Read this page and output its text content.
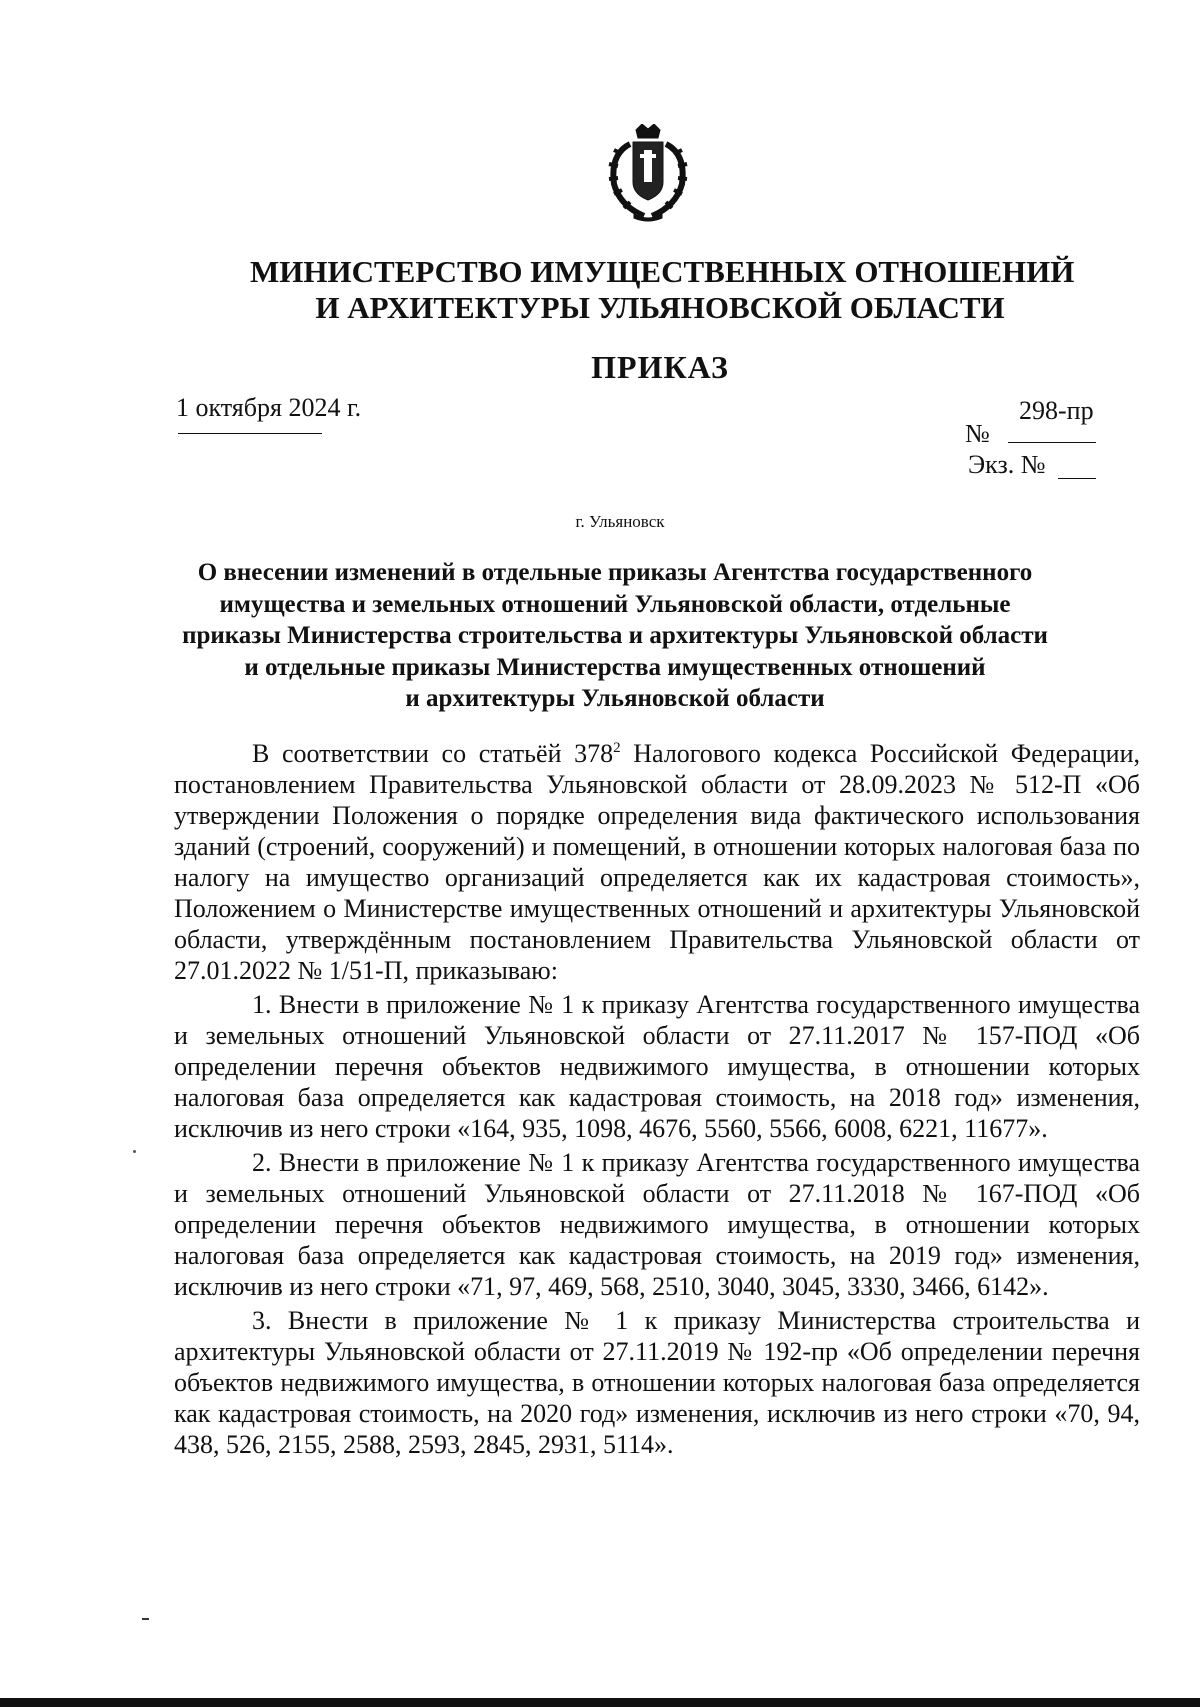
МИНИСТЕРСТВО ИМУЩЕСТВЕННЫХ ОТНОШЕНИЙ
И АРХИТЕКТУРЫ УЛЬЯНОВСКОЙ ОБЛАСТИ
ПРИКАЗ
1 октября 2024 г.
№
298-пр
Экз. №
г. Ульяновск
О внесении изменений в отдельные приказы Агентства государственного
имущества и земельных отношений Ульяновской области, отдельные
приказы Министерства строительства и архитектуры Ульяновской области
и отдельные приказы Министерства имущественных отношений
и архитектуры Ульяновской области

В соответствии со статьёй $378^2$ Налогового кодекса Российской Федерации, постановлением Правительства Ульяновской области от 28.09.2023 № 512-П «Об утверждении Положения о порядке определения вида фактического использования зданий (строений, сооружений) и помещений, в отношении которых налоговая база по налогу на имущество организаций определяется как их кадастровая стоимость», Положением о Министерстве имущественных отношений и архитектуры Ульяновской области, утверждённым постановлением Правительства Ульяновской области от 27.01.2022 № 1/51-П, приказываю:

1. Внести в приложение № 1 к приказу Агентства государственного имущества и земельных отношений Ульяновской области от 27.11.2017 № 157-ПОД «Об определении перечня объектов недвижимого имущества, в отношении которых налоговая база определяется как кадастровая стоимость, на 2018 год» изменения, исключив из него строки «164, 935, 1098, 4676, 5560, 5566, 6008, 6221, 11677».

2. Внести в приложение № 1 к приказу Агентства государственного имущества и земельных отношений Ульяновской области от 27.11.2018 № 167-ПОД «Об определении перечня объектов недвижимого имущества, в отношении которых налоговая база определяется как кадастровая стоимость, на 2019 год» изменения, исключив из него строки «71, 97, 469, 568, 2510, 3040, 3045, 3330, 3466, 6142».

3. Внести в приложение № 1 к приказу Министерства строительства и архитектуры Ульяновской области от 27.11.2019 № 192-пр «Об определении перечня объектов недвижимого имущества, в отношении которых налоговая база определяется как кадастровая стоимость, на 2020 год» изменения, исключив из него строки «70, 94, 438, 526, 2155, 2588, 2593, 2845, 2931, 5114».
